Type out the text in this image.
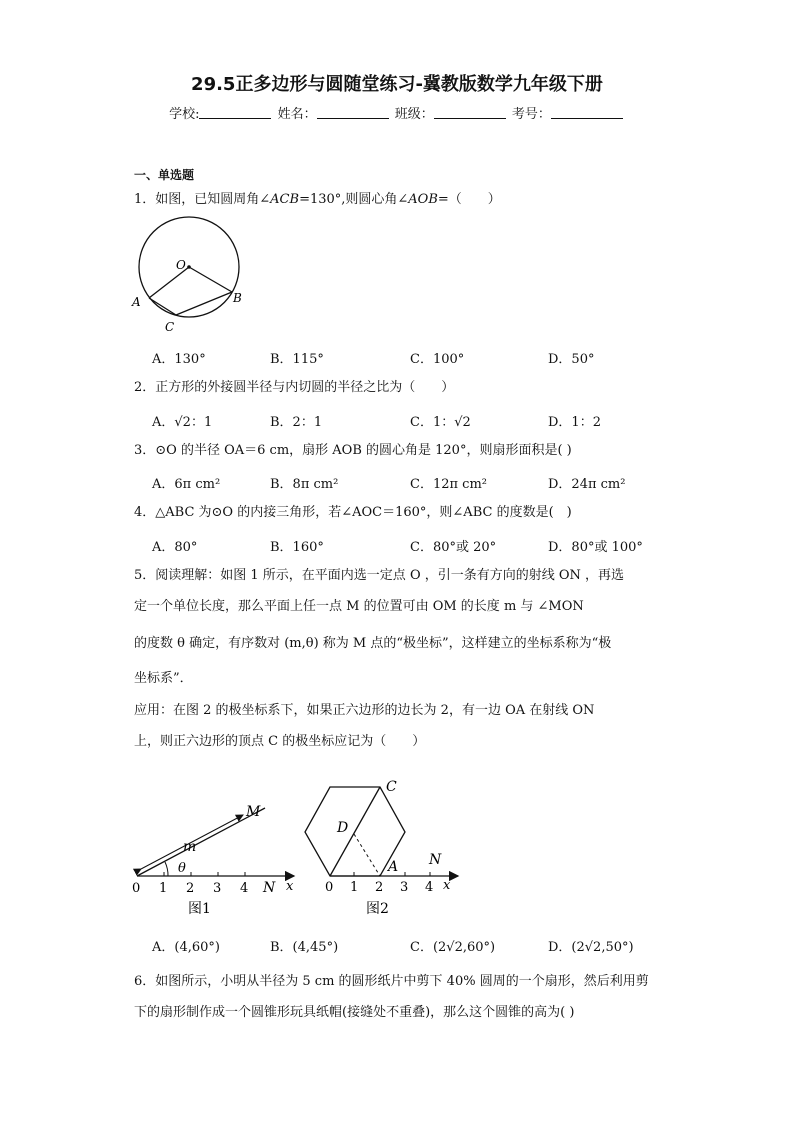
29.5正多边形与圆随堂练习-冀教版数学九年级下册
学校:	姓名：	班级：	考号：
一、单选题
1．如图，已知圆周角∠ACB=130°,则圆心角∠AOB=（　　）
O
A	B
C
A．130°	B．115°	C．100°	D．50°
2．正方形的外接圆半径与内切圆的半径之比为（　　）
A．√2：1	B．2：1	C．1：√2	D．1：2
3．⊙O 的半径 OA＝6 cm，扇形 AOB 的圆心角是 120°，则扇形面积是( )
A．6π cm²	B．8π cm²	C．12π cm²	D．24π cm²
4．△ABC 为⊙O 的内接三角形，若∠AOC＝160°，则∠ABC 的度数是(　)
A．80°	B．160°	C．80°或 20°	D．80°或 100°
5．阅读理解：如图 1 所示，在平面内选一定点 O ，引一条有方向的射线 ON ，再选
定一个单位长度，那么平面上任一点 M 的位置可由 OM 的长度 m 与 ∠MON
的度数 θ 确定，有序数对 (m,θ) 称为 M 点的“极坐标”，这样建立的坐标系称为“极
坐标系”．
应用：在图 2 的极坐标系下，如果正六边形的边长为 2，有一边 OA 在射线 ON
上，则正六边形的顶点 C 的极坐标应记为（　　）
M
m
θ
N x
0 1 2 3 4
图1
C
D
A N
x
0 1 2 3 4
图2
A．(4,60°)	B．(4,45°)	C．(2√2,60°)	D．(2√2,50°)
6．如图所示，小明从半径为 5 cm 的圆形纸片中剪下 40% 圆周的一个扇形，然后利用剪
下的扇形制作成一个圆锥形玩具纸帽(接缝处不重叠)，那么这个圆锥的高为( )
